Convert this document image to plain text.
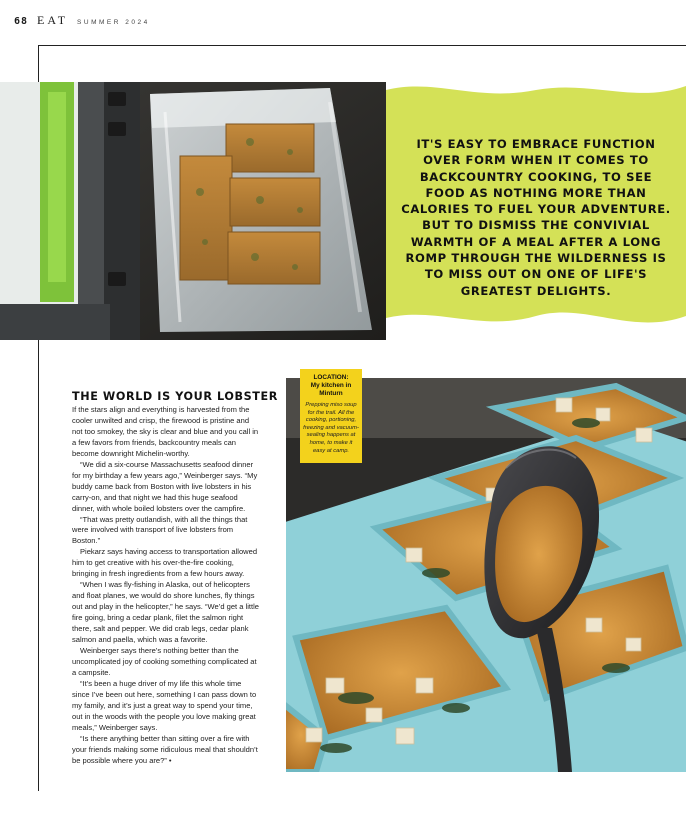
68 EAT SUMMER 2024
IT'S EASY TO EMBRACE FUNCTION OVER FORM WHEN IT COMES TO BACKCOUNTRY COOKING, TO SEE FOOD AS NOTHING MORE THAN CALORIES TO FUEL YOUR ADVENTURE. BUT TO DISMISS THE CONVIVIAL WARMTH OF A MEAL AFTER A LONG ROMP THROUGH THE WILDERNESS IS TO MISS OUT ON ONE OF LIFE'S GREATEST DELIGHTS.
THE WORLD IS YOUR LOBSTER

If the stars align and everything is harvested from the cooler unwilted and crisp, the firewood is pristine and not too smokey, the sky is clear and blue and you call in a few favors from friends, backcountry meals can become downright Michelin-worthy.

“We did a six-course Massachusetts seafood dinner for my birthday a few years ago,” Weinberger says. “My buddy came back from Boston with live lobsters in his carry-on, and that night we had this huge seafood dinner, with whole boiled lobsters over the campfire.

“That was pretty outlandish, with all the things that were involved with transport of live lobsters from Boston.”

Piekarz says having access to transportation allowed him to get creative with his over-the-fire cooking, bringing in fresh ingredients from a few hours away.

“When I was fly-fishing in Alaska, out of helicopters and float planes, we would do shore lunches, fly things out and play in the helicopter,” he says. “We’d get a little fire going, bring a cedar plank, filet the salmon right there, salt and pepper. We did crab legs, cedar plank salmon and paella, which was a favorite.

Weinberger says there’s nothing better than the uncomplicated joy of cooking something complicated at a campsite.

“It’s been a huge driver of my life this whole time since I’ve been out here, something I can pass down to my family, and it’s just a great way to spend your time, out in the woods with the people you love making great meals,” Weinberger says.

“Is there anything better than sitting over a fire with your friends making some ridiculous meal that shouldn’t be possible where you are?” •

LOCATION:
My kitchen in Minturn
Prepping miso soup for the trail. All the cooking, portioning, freezing and vacuum-sealing happens at home, to make it easy at camp.
